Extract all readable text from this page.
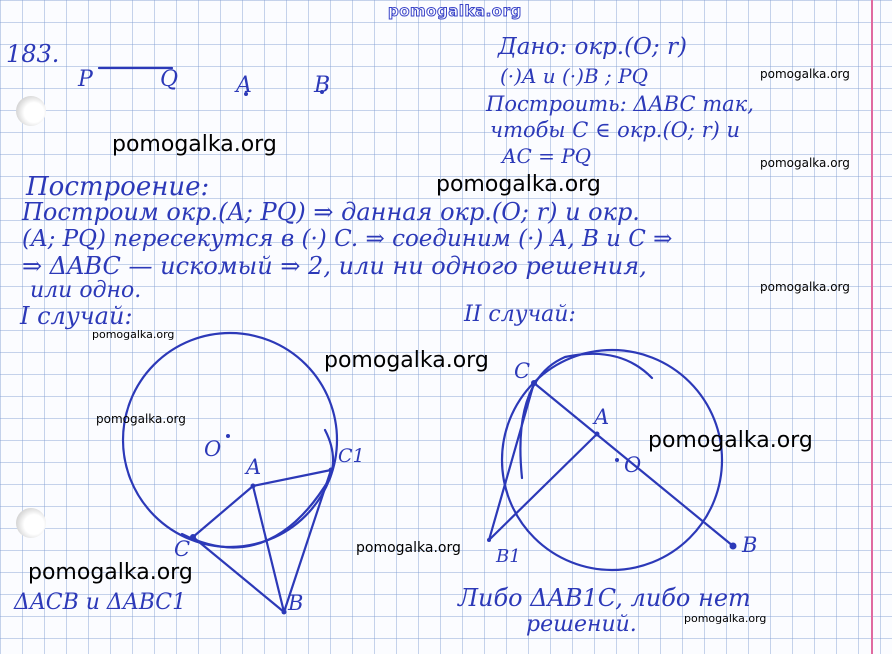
pomogalka.org

183.	Дано: окр.(O; r)

(·)A и (·)B ; PQ

Построить: ΔABC так,

чтобы C ∈ окр.(O; r) и

AC = PQ

Построение:

Построим окр.(A; PQ) ⇒ данная окр.(O; r) и окр.

(A; PQ) пересекутся в (·) C. ⇒ соединим (·) A, B и C ⇒

⇒ ΔABC — искомый ⇒ 2, или ни одного решения,

или одно.

I случай:	II случай:

P	Q	A	B
O
A
C
C1
B
C
A
O
B
B1

ΔACB и ΔABC1	Либо ΔAB1C, либо нет

решений.

pomogalka.org

pomogalka.org

pomogalka.org

pomogalka.org

pomogalka.org

pomogalka.org

pomogalka.org

pomogalka.org

pomogalka.org

pomogalka.org

pomogalka.org

pomogalka.org
